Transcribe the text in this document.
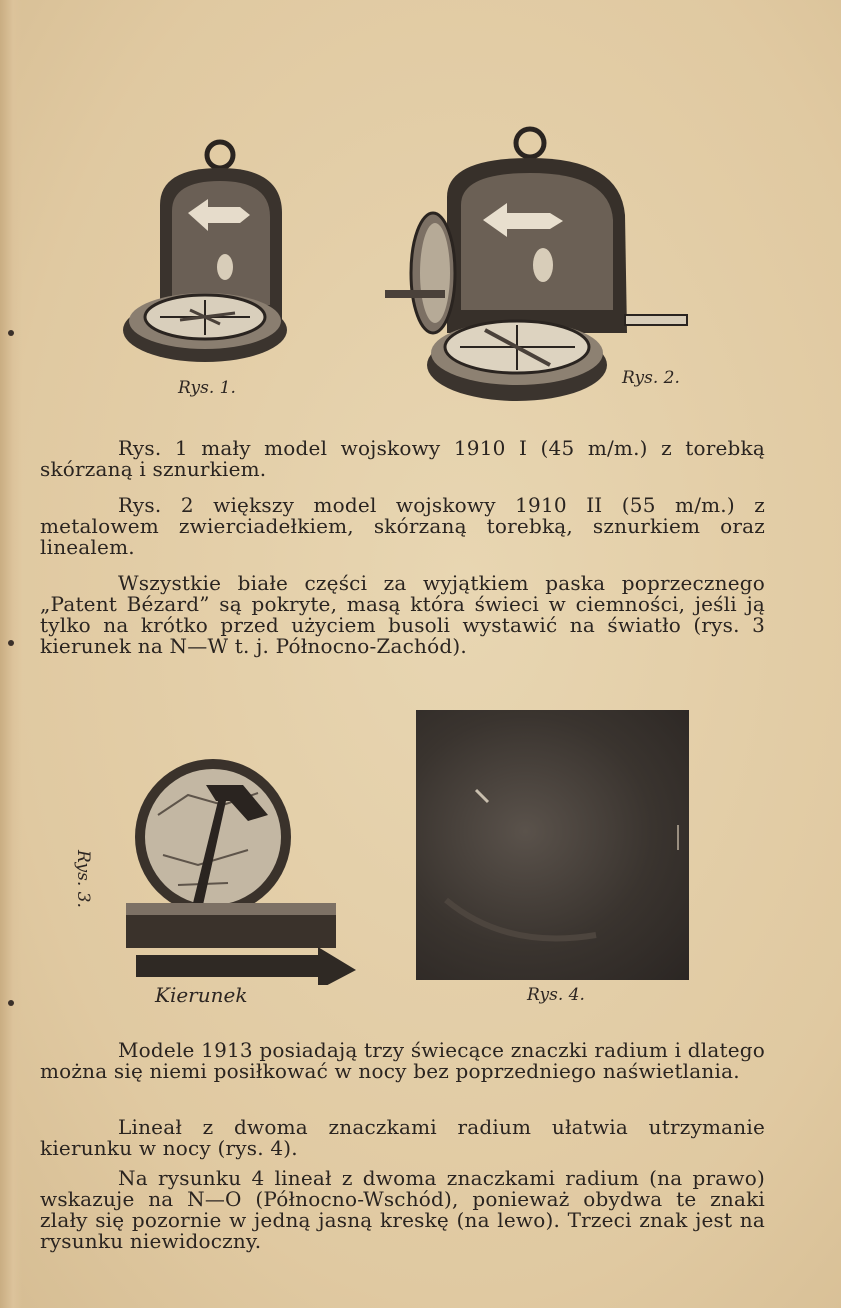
Rys. 1.	Rys. 2.

Rys. 1 mały model wojskowy 1910 I (45 m/m.) z torebką skórzaną i sznurkiem.

Rys. 2 większy model wojskowy 1910 II (55 m/m.) z metalowem zwierciadełkiem, skórzaną torebką, sznurkiem oraz linealem.

Wszystkie białe części za wyjątkiem paska poprzecznego „Patent Bézard” są pokryte, masą która świeci w ciemności, jeśli ją tylko na krótko przed użyciem busoli wystawić na światło (rys. 3 kierunek na N—W t. j. Północno-Zachód).

Rys. 3.
Kierunek	Rys. 4.

Modele 1913 posiadają trzy świecące znaczki radium i dlatego można się niemi posiłkować w nocy bez poprzedniego naświetlania.

Lineał z dwoma znaczkami radium ułatwia utrzymanie kierunku w nocy (rys. 4).

Na rysunku 4 lineał z dwoma znaczkami radium (na prawo) wskazuje na N—O (Północno-Wschód), ponieważ obydwa te znaki zlały się pozornie w jedną jasną kreskę (na lewo). Trzeci znak jest na rysunku niewidoczny.
